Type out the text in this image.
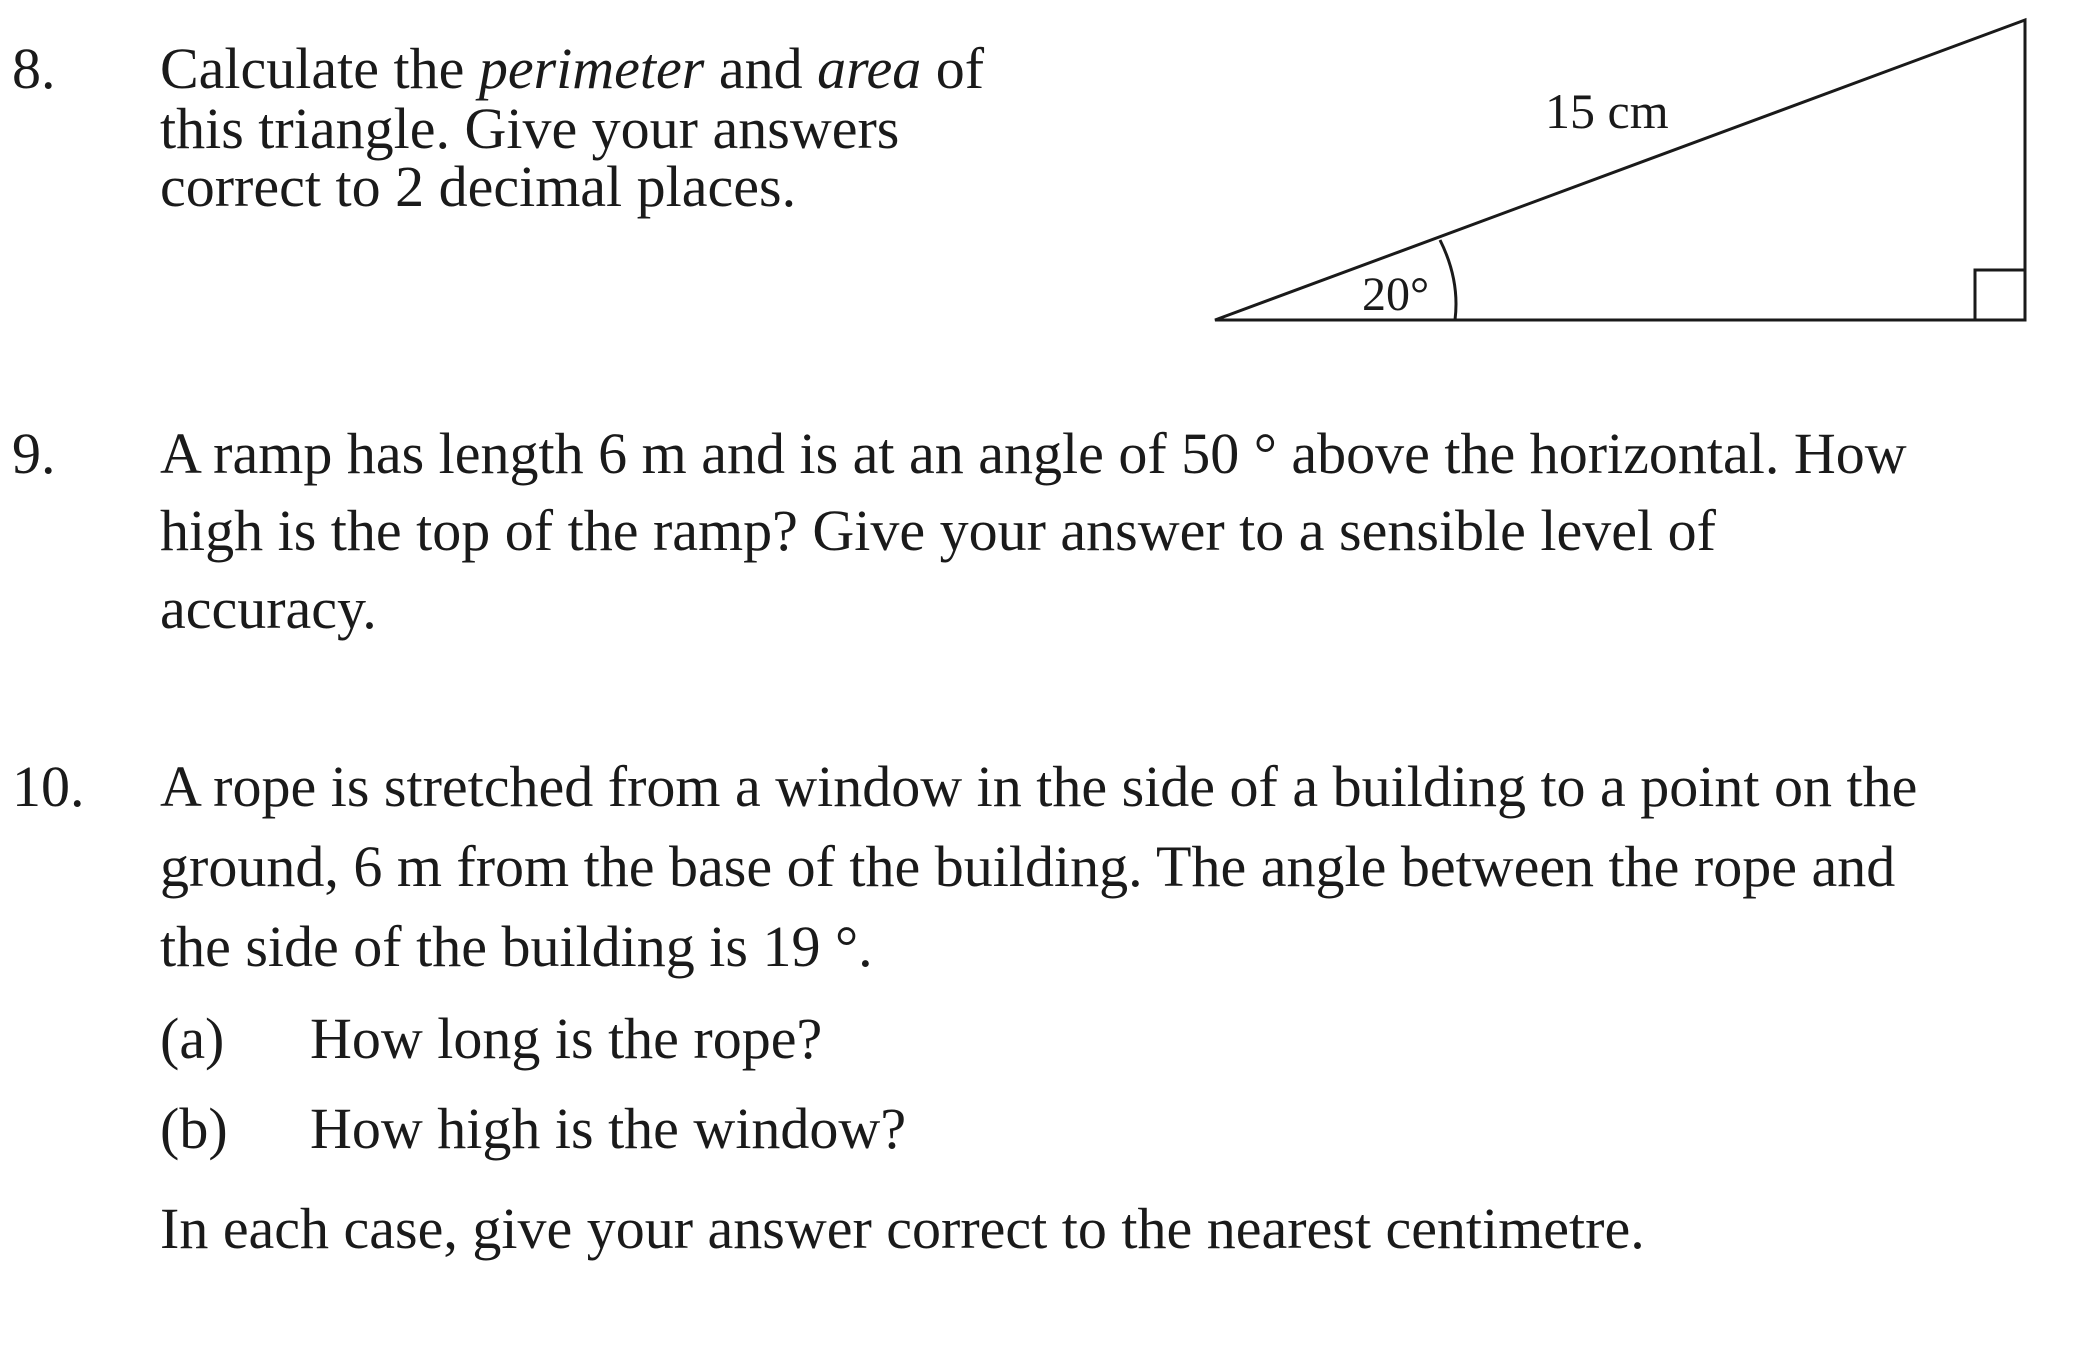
8. Calculate the perimeter and area of
this triangle. Give your answers
correct to 2 decimal places.
15 cm
20°
9. A ramp has length 6 m and is at an angle of 50 ° above the horizontal. How
high is the top of the ramp? Give your answer to a sensible level of
accuracy.
10. A rope is stretched from a window in the side of a building to a point on the
ground, 6 m from the base of the building. The angle between the rope and
the side of the building is 19 °.
(a) How long is the rope?
(b) How high is the window?
In each case, give your answer correct to the nearest centimetre.
